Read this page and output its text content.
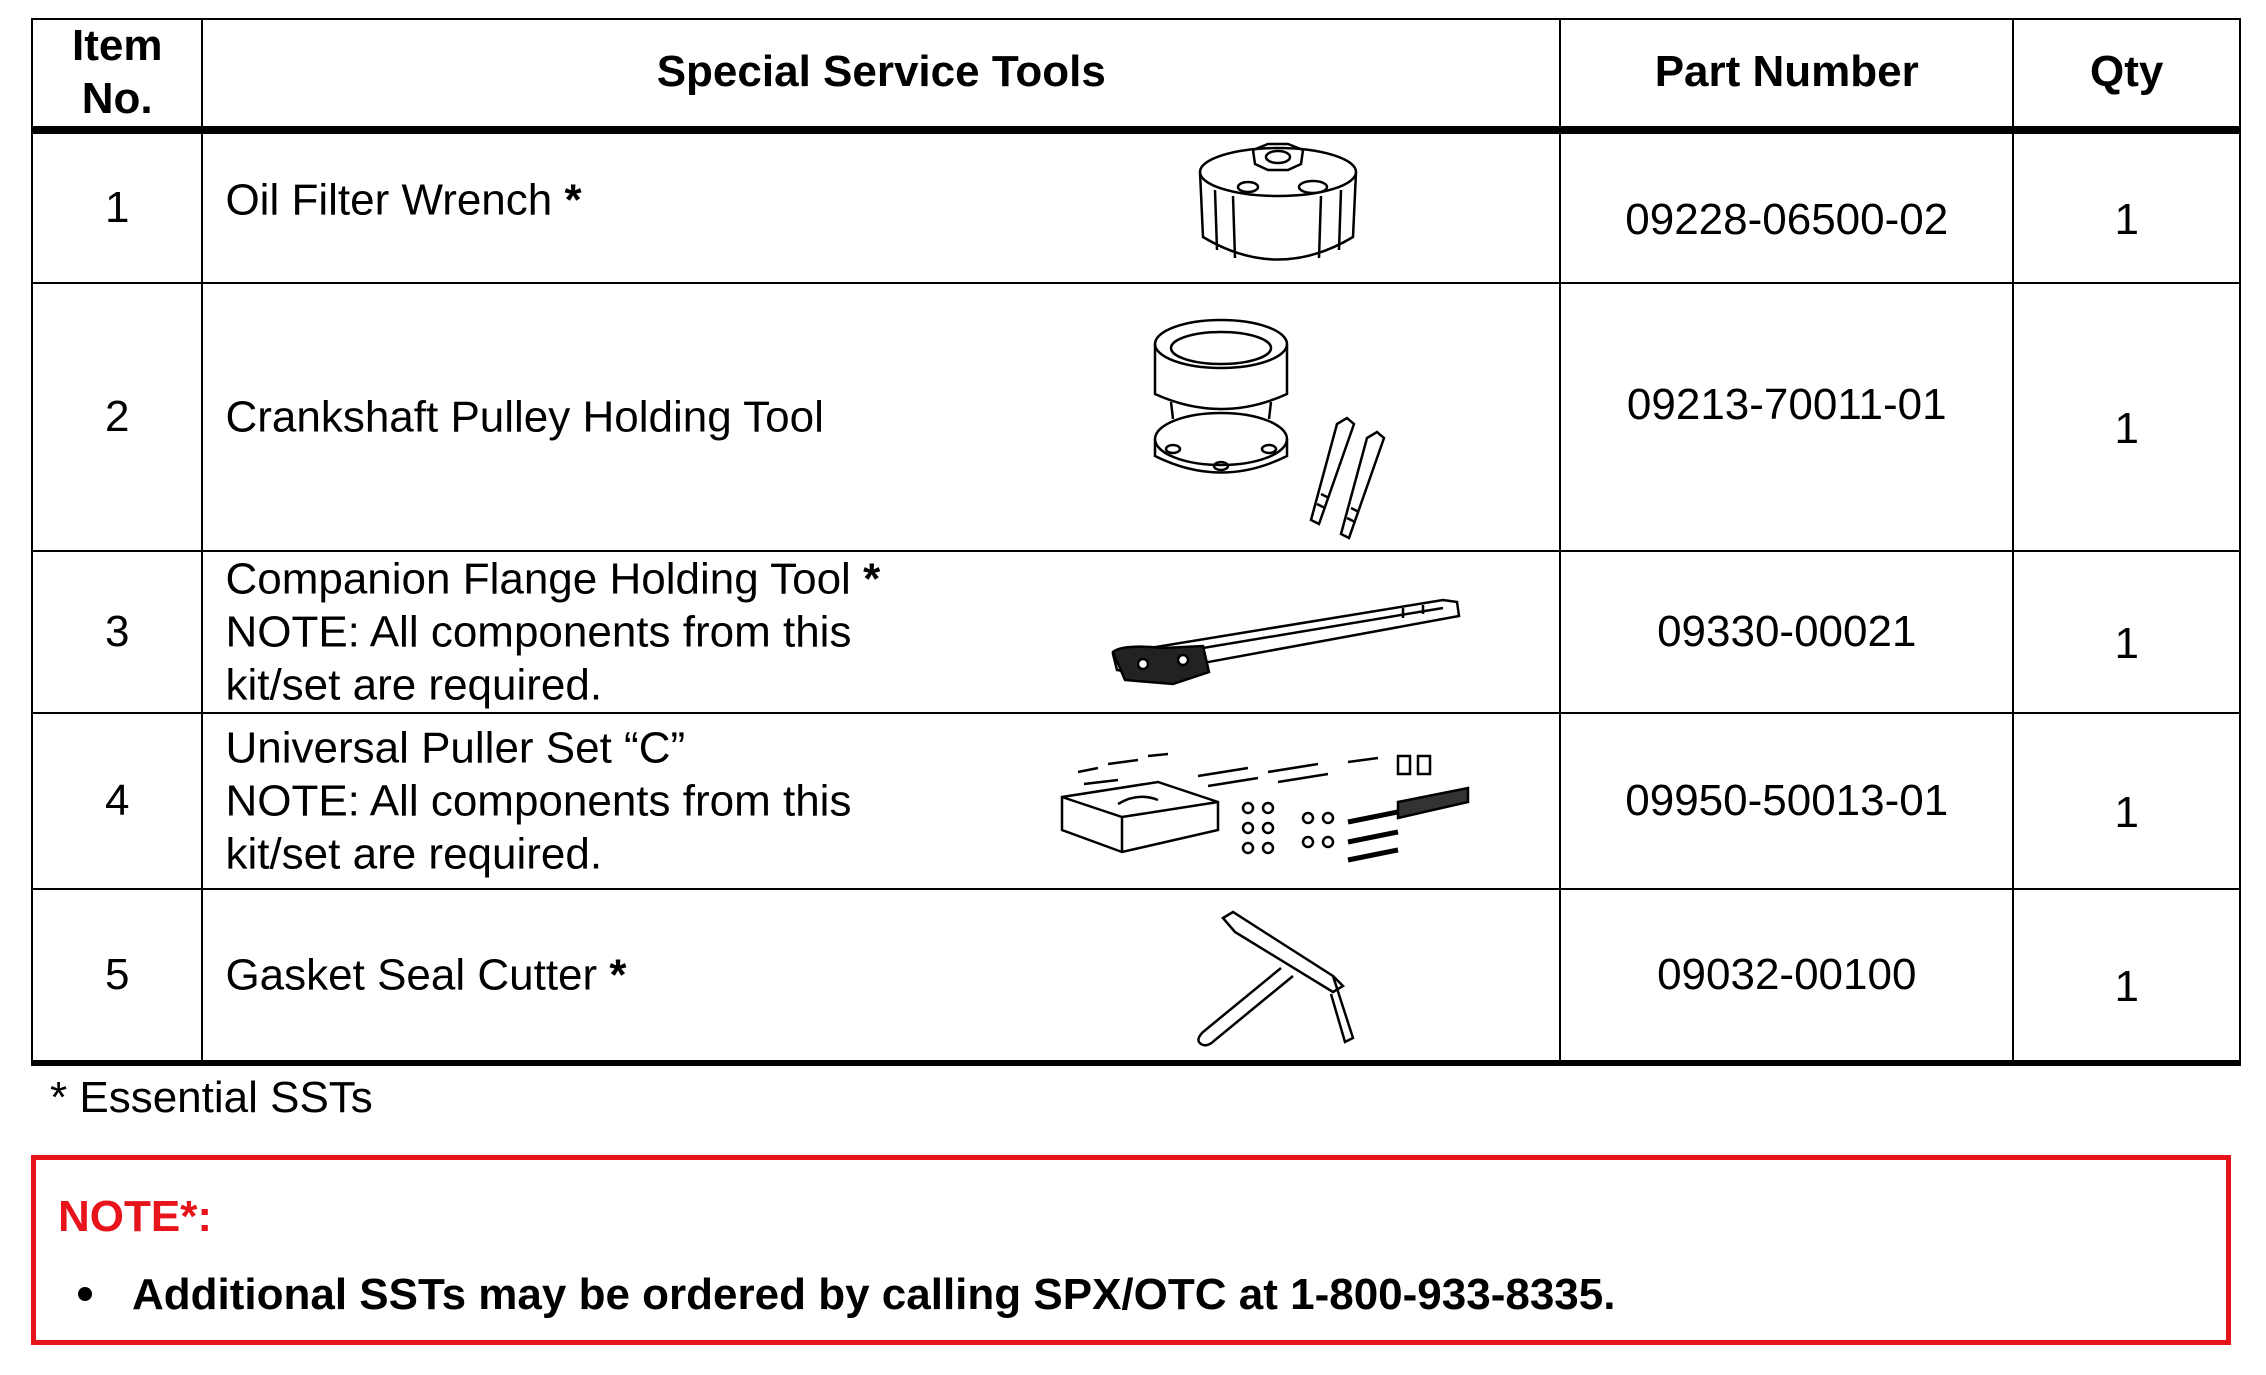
Item
No.	Special Service Tools	Part Number	Qty
1	Oil Filter Wrench *	09228-06500-02	1
2	Crankshaft Pulley Holding Tool	09213-70011-01	1
3	Companion Flange Holding Tool *
NOTE: All components from this
kit/set are required.	09330-00021	1
4	Universal Puller Set “C”
NOTE: All components from this
kit/set are required.	09950-50013-01	1
5	Gasket Seal Cutter *	09032-00100	1
* Essential SSTs
NOTE*:
Additional SSTs may be ordered by calling SPX/OTC at 1-800-933-8335.
